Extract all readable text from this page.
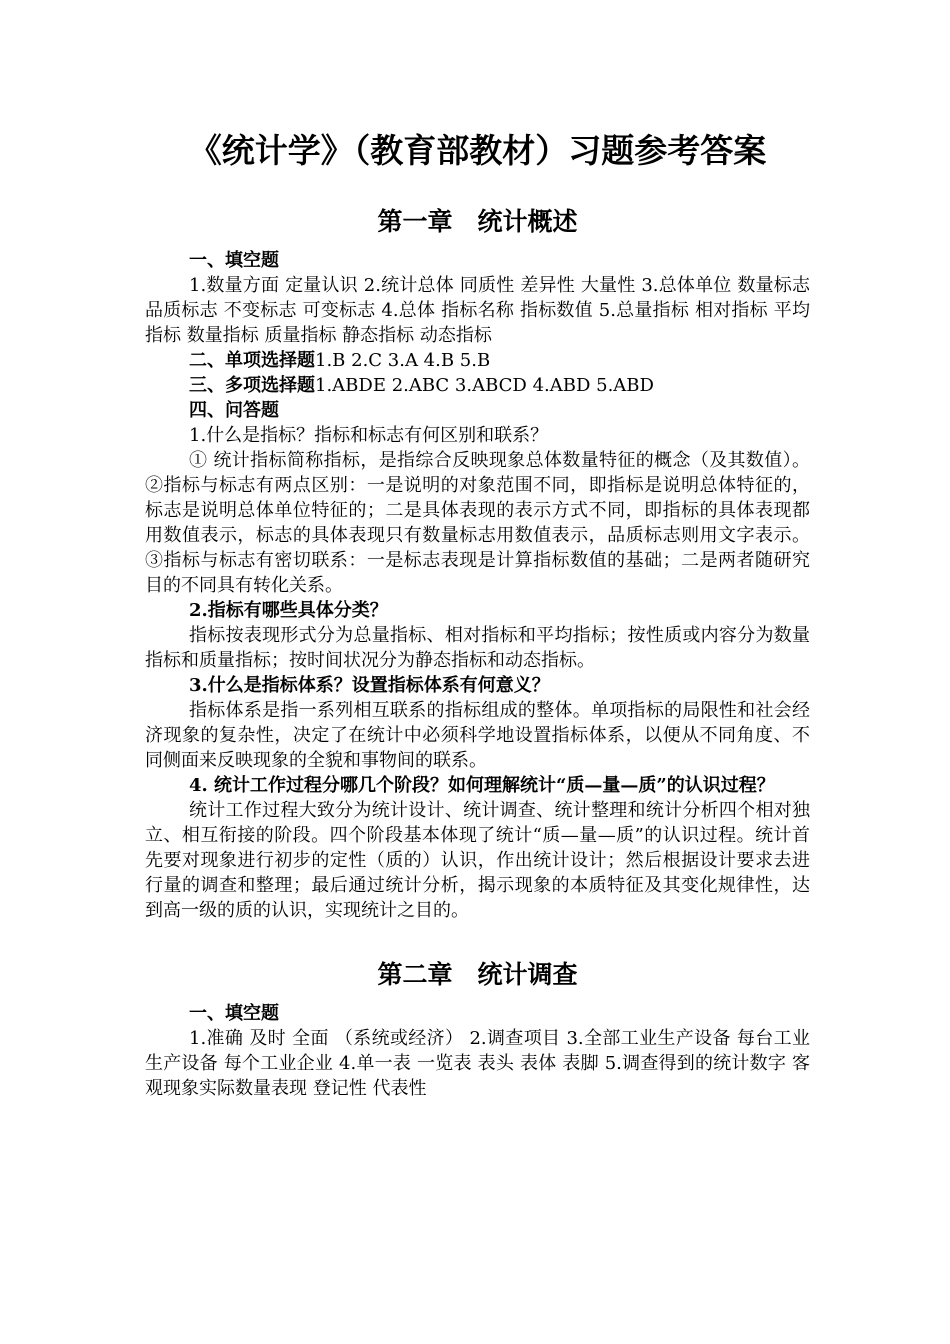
《统计学》（教育部教材）习题参考答案
第一章　统计概述

一、填空题

1.数量方面 定量认识 2.统计总体 同质性 差异性 大量性 3.总体单位 数量标志 品质标志 不变标志 可变标志 4.总体 指标名称 指标数值 5.总量指标 相对指标 平均指标 数量指标 质量指标 静态指标 动态指标

二、单项选择题1.B 2.C 3.A 4.B 5.B

三、多项选择题1.ABDE 2.ABC 3.ABCD 4.ABD 5.ABD

四、问答题

1.什么是指标？指标和标志有何区别和联系？

① 统计指标简称指标，是指综合反映现象总体数量特征的概念（及其数值）。②指标与标志有两点区别：一是说明的对象范围不同，即指标是说明总体特征的，标志是说明总体单位特征的；二是具体表现的表示方式不同，即指标的具体表现都用数值表示，标志的具体表现只有数量标志用数值表示，品质标志则用文字表示。③指标与标志有密切联系：一是标志表现是计算指标数值的基础；二是两者随研究目的不同具有转化关系。

2.指标有哪些具体分类？

指标按表现形式分为总量指标、相对指标和平均指标；按性质或内容分为数量指标和质量指标；按时间状况分为静态指标和动态指标。

3.什么是指标体系？设置指标体系有何意义？

指标体系是指一系列相互联系的指标组成的整体。单项指标的局限性和社会经济现象的复杂性，决定了在统计中必须科学地设置指标体系，以便从不同角度、不同侧面来反映现象的全貌和事物间的联系。

4. 统计工作过程分哪几个阶段？如何理解统计“质—量—质”的认识过程？

统计工作过程大致分为统计设计、统计调查、统计整理和统计分析四个相对独立、相互衔接的阶段。四个阶段基本体现了统计“质—量—质”的认识过程。统计首先要对现象进行初步的定性（质的）认识，作出统计设计；然后根据设计要求去进行量的调查和整理；最后通过统计分析，揭示现象的本质特征及其变化规律性，达到高一级的质的认识，实现统计之目的。

第二章　统计调查

一、填空题

1.准确 及时 全面 （系统或经济） 2.调查项目 3.全部工业生产设备 每台工业生产设备 每个工业企业 4.单一表 一览表 表头 表体 表脚 5.调查得到的统计数字 客观现象实际数量表现 登记性 代表性
